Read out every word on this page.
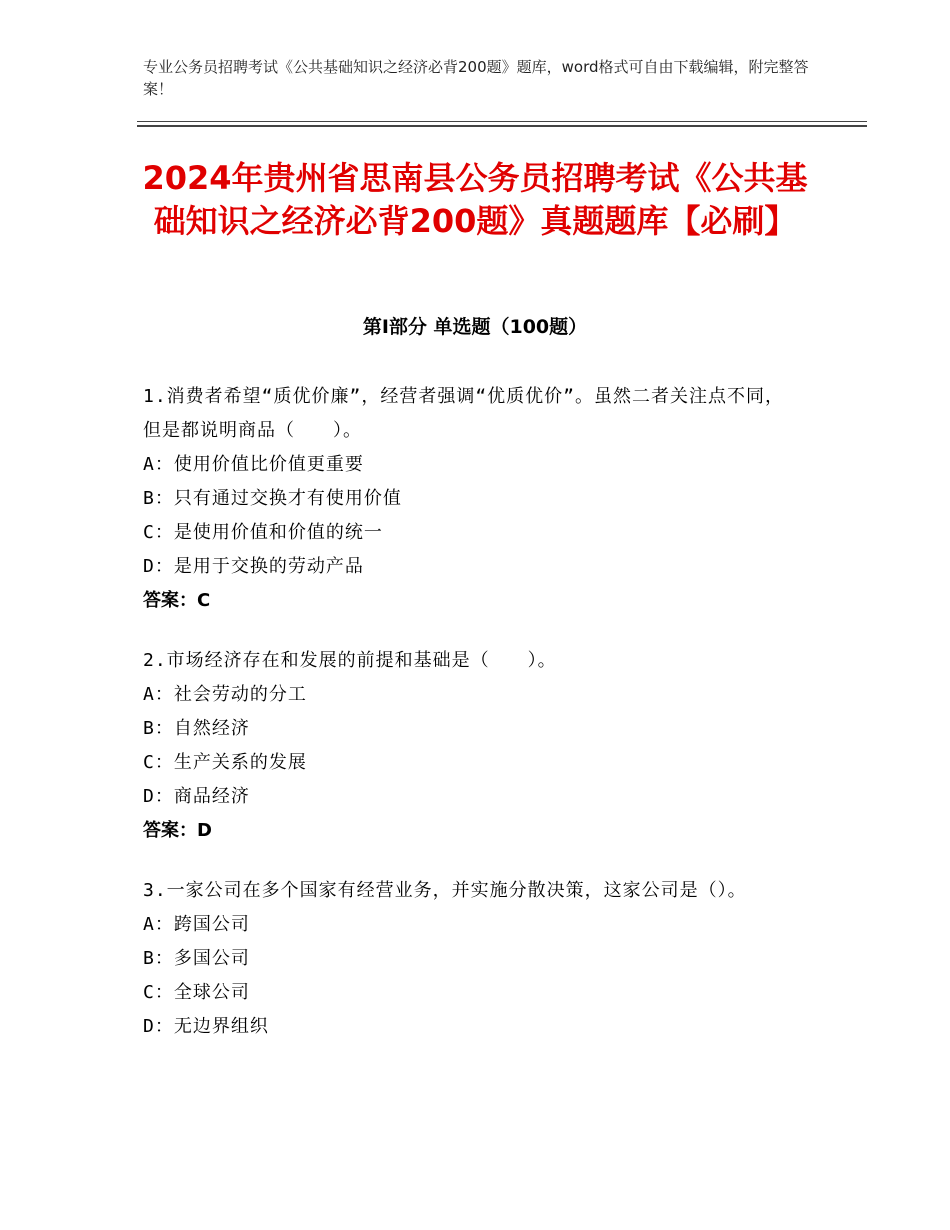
专业公务员招聘考试《公共基础知识之经济必背200题》题库，word格式可自由下载编辑，附完整答案！
2024年贵州省思南县公务员招聘考试《公共基础知识之经济必背200题》真题题库【必刷】
第I部分 单选题（100题）
1.消费者希望“质优价廉”，经营者强调“优质优价”。虽然二者关注点不同，但是都说明商品（　　）。
A：使用价值比价值更重要
B：只有通过交换才有使用价值
C：是使用价值和价值的统一
D：是用于交换的劳动产品
答案：C
2.市场经济存在和发展的前提和基础是（　　）。
A：社会劳动的分工
B：自然经济
C：生产关系的发展
D：商品经济
答案：D
3.一家公司在多个国家有经营业务，并实施分散决策，这家公司是（）。
A：跨国公司
B：多国公司
C：全球公司
D：无边界组织
